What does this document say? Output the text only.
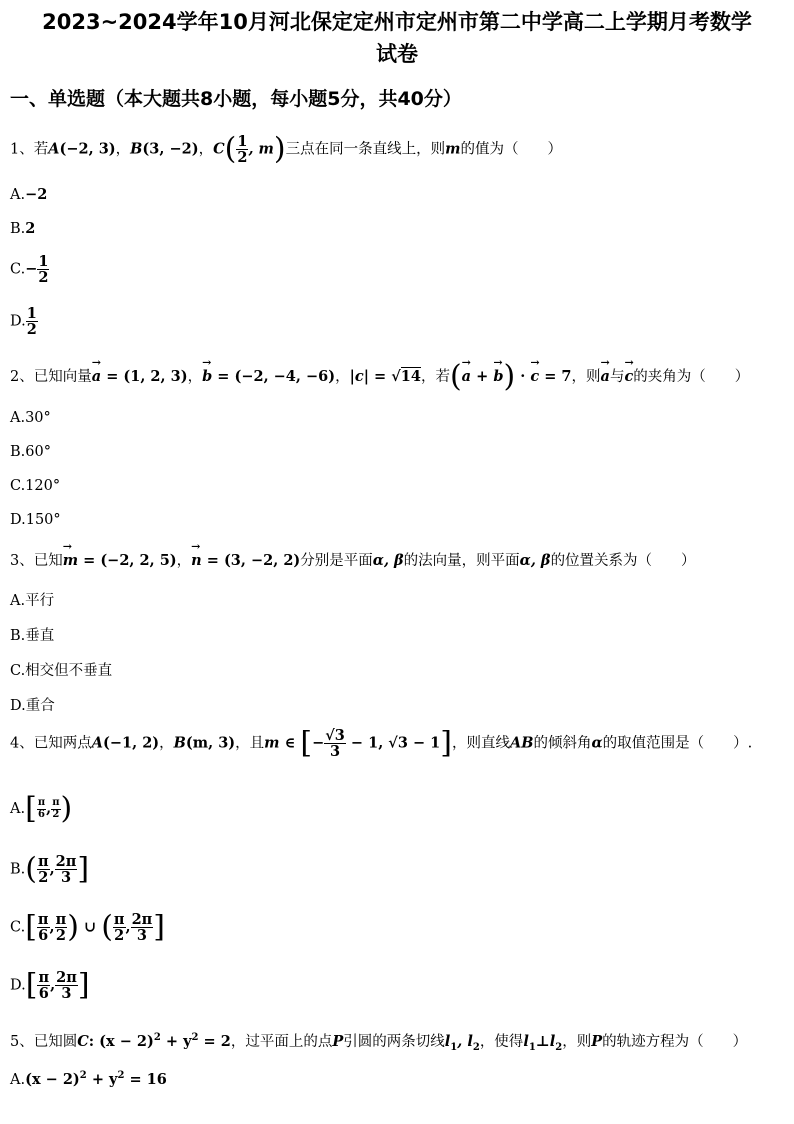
2023~2024学年10月河北保定定州市定州市第二中学高二上学期月考数学
试卷
一、单选题（本大题共8小题，每小题5分，共40分）
1、若A(−2, 3)，B(3, −2)，$C( \frac{1}{2}$ , m)三点在同一条直线上，则m的值为（　　）
A.−2
B.2
$C.- \frac{1}{2}$
D. $\frac{1}{2}$
2、已知向量→ a = (1, 2, 3)，→ b = (−2, −4, −6)，|c| = √14，若(→ a + → b) · → c = 7，则→ a与→ c的夹角为（　　）
A.30°
B.60°
C.120°
D.150°
3、已知→ m = (−2, 2, 5)，→ n = (3, −2, 2)分别是平面α, β的法向量，则平面α, β的位置关系为（　　）
A.平行
B.垂直
C.相交但不垂直
D.重合
4、已知两点A(−1, 2)，B(m, 3)，且m ∈ [− $\frac{√3}{3} - 1$, √3 − 1]，则直线AB的倾斜角α的取值范围是（　　）.
$A.[ \frac{\pi}{6}$ , $\frac{\pi}{2}$ )
$B.( \frac{\pi}{2}$ , $\frac{2\pi}{3}$ ]
$C.[ \frac{\pi}{6}$ , $\frac{\pi}{2}$ ) ∪ ( $\frac{\pi}{2}$ , $\frac{2\pi}{3}$ ]
$D.[ \frac{\pi}{6}$ , $\frac{2\pi}{3}$ ]
5、已知圆C: $(x - 2)^2 + y^2 = 2$，过平面上的点P引圆的两条切线$l_1$, $l_2$，使得$l_1\perp l_2$，则P的轨迹方程为（　　）
$A.(x - 2)^2 + y^2 = 16$
